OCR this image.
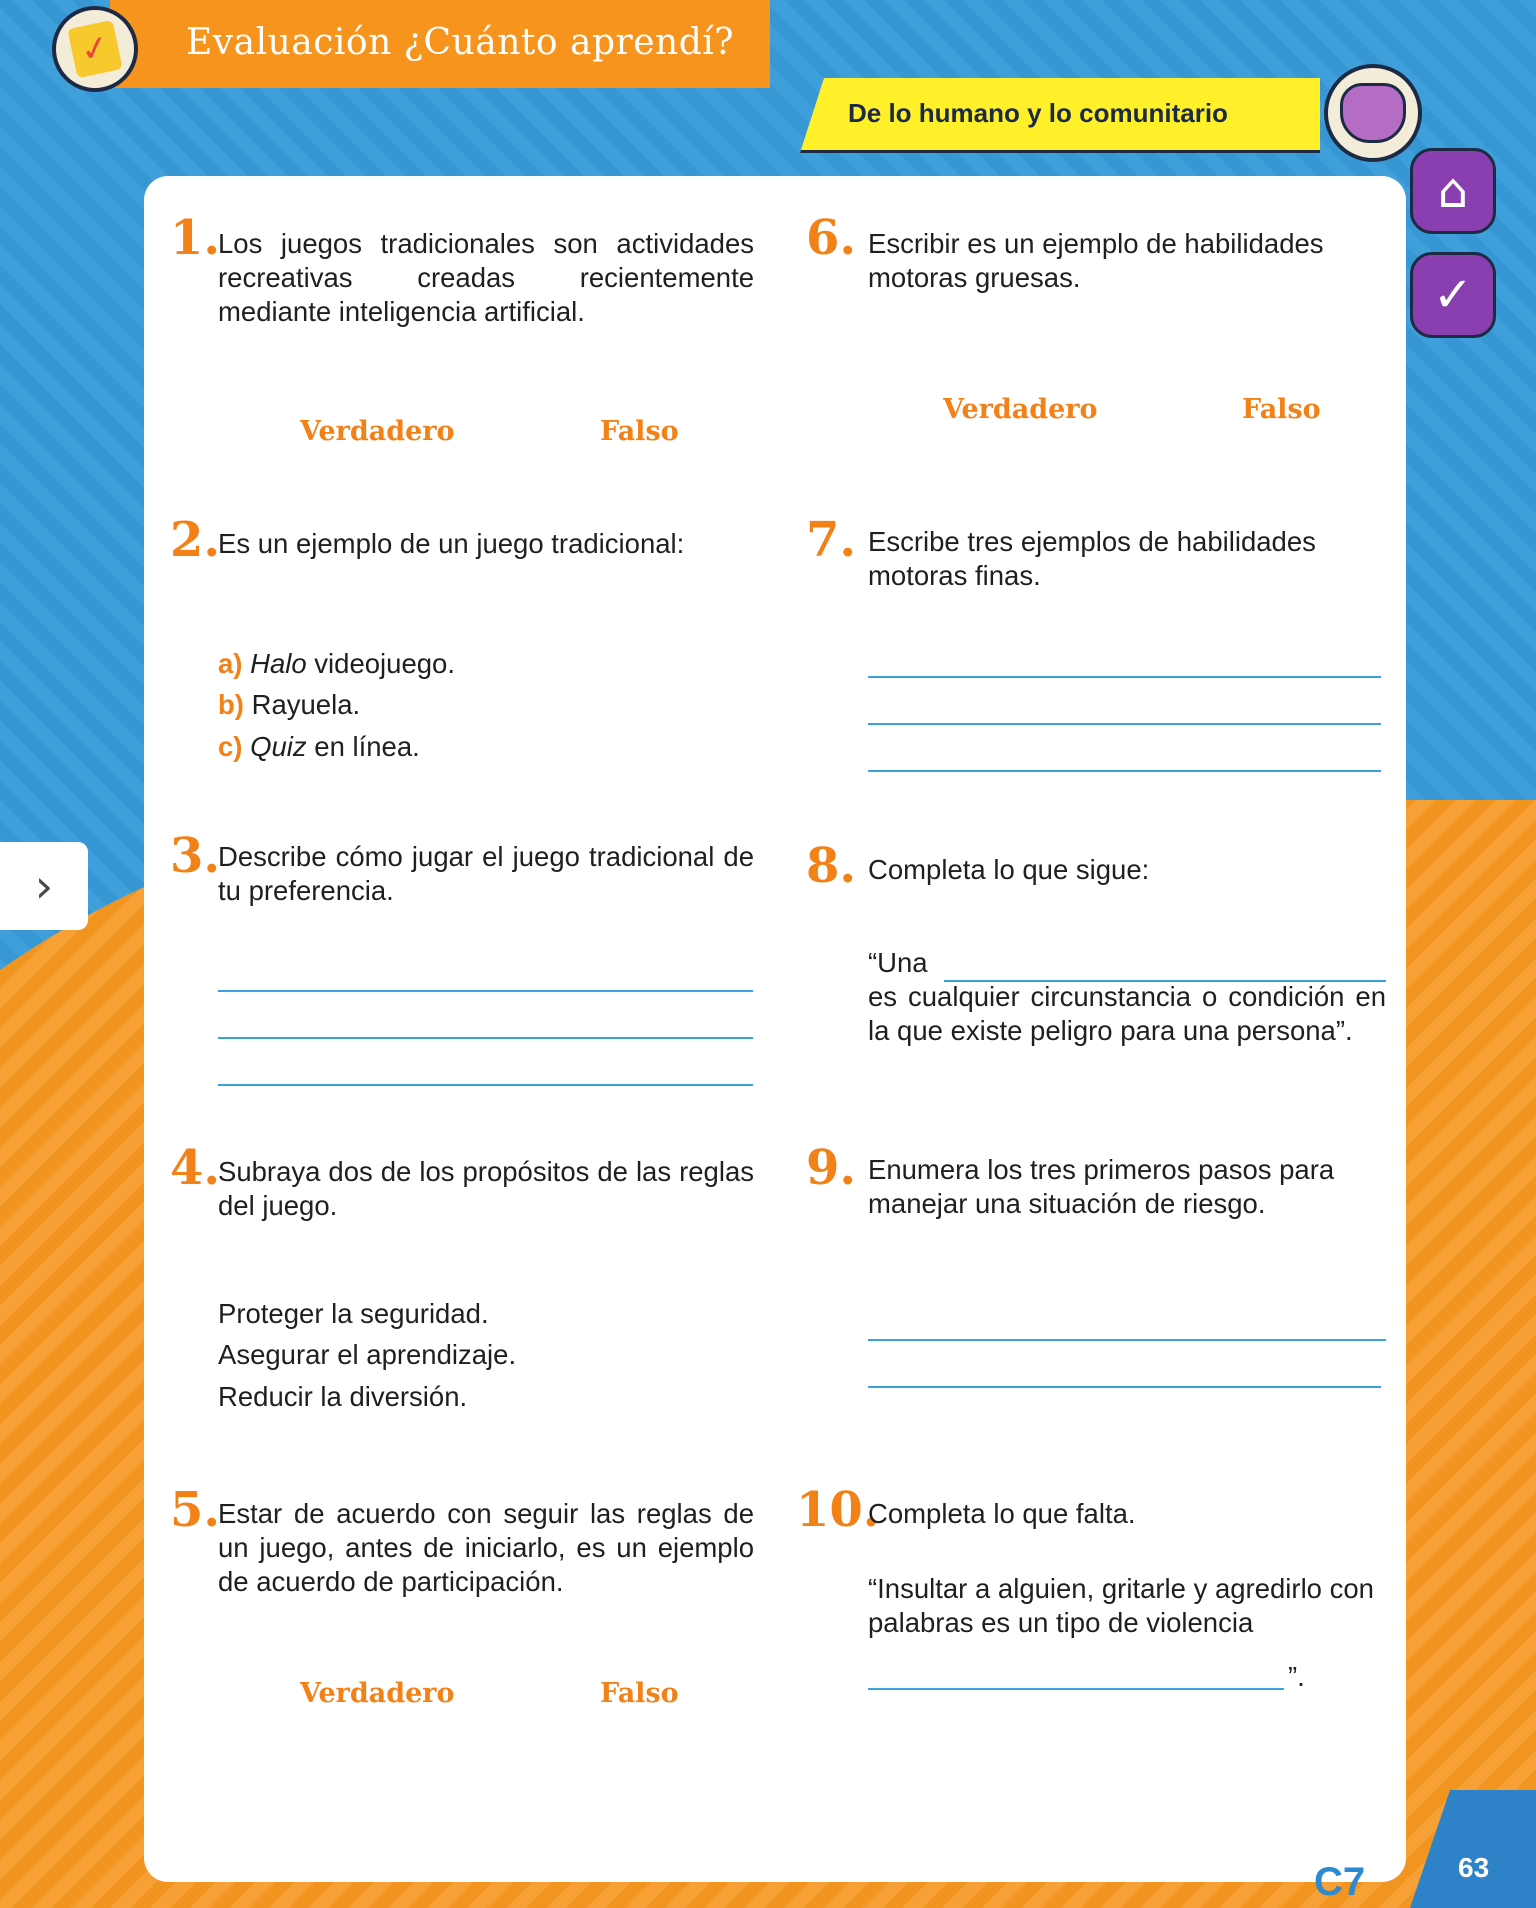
✓ Evaluación ¿Cuánto aprendí?
De lo humano y lo comunitario
⌂
✓
›
1.
Los juegos tradicionales son actividades recreativas creadas recientemente mediante inteligencia artificial.
Verdadero	Falso
2.
Es un ejemplo de un juego tradicional:
a) Halo videojuego.
b) Rayuela.
c) Quiz en línea.
3.
Describe cómo jugar el juego tradicional de tu preferencia.
4.
Subraya dos de los propósitos de las reglas del juego.
Proteger la seguridad.
Asegurar el aprendizaje.
Reducir la diversión.
5.
Estar de acuerdo con seguir las reglas de un juego, antes de iniciarlo, es un ejemplo de acuerdo de participación.
Verdadero	Falso
6. Escribir es un ejemplo de habilidades motoras gruesas.
Verdadero	Falso
7. Escribe tres ejemplos de habilidades motoras finas.
8. Completa lo que sigue:
“Una
es cualquier circunstancia o condición en la que existe peligro para una persona”.
9. Enumera los tres primeros pasos para manejar una situación de riesgo.
10.
Completa lo que falta.
“Insultar a alguien, gritarle y agredirlo con palabras es un tipo de violencia
”.
C7	63
